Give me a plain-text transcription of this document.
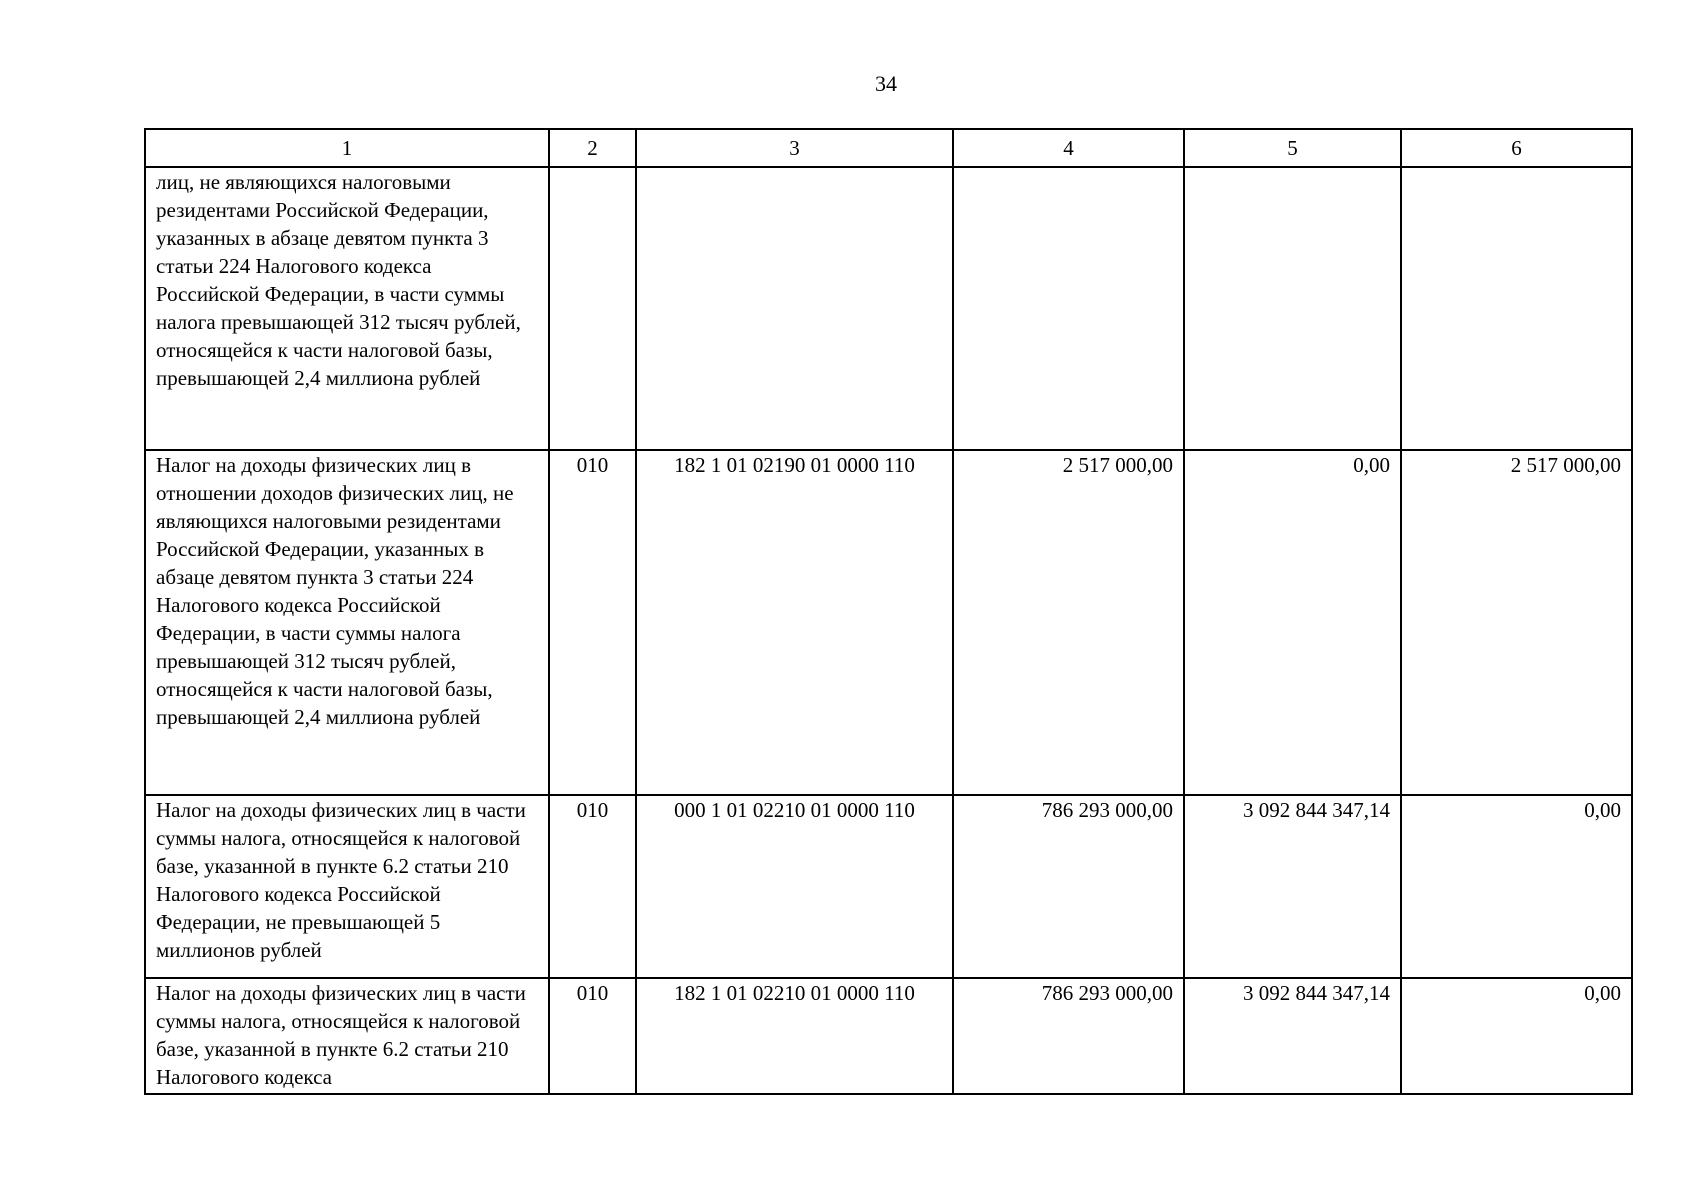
34
1	2	3	4	5	6
лиц, не являющихся налоговыми резидентами Российской Федерации, указанных в абзаце девятом пункта 3 статьи 224 Налогового кодекса Российской Федерации, в части суммы налога превышающей 312 тысяч рублей, относящейся к части налоговой базы, превышающей 2,4 миллиона рублей					
Налог на доходы физических лиц в отношении доходов физических лиц, не являющихся налоговыми резидентами Российской Федерации, указанных в абзаце девятом пункта 3 статьи 224 Налогового кодекса Российской Федерации, в части суммы налога превышающей 312 тысяч рублей, относящейся к части налоговой базы, превышающей 2,4 миллиона рублей	010	182 1 01 02190 01 0000 110	2 517 000,00	0,00	2 517 000,00
Налог на доходы физических лиц в части суммы налога, относящейся к налоговой базе, указанной в пункте 6.2 статьи 210 Налогового кодекса Российской Федерации, не превышающей 5 миллионов рублей	010	000 1 01 02210 01 0000 110	786 293 000,00	3 092 844 347,14	0,00
Налог на доходы физических лиц в части суммы налога, относящейся к налоговой базе, указанной в пункте 6.2 статьи 210 Налогового кодекса	010	182 1 01 02210 01 0000 110	786 293 000,00	3 092 844 347,14	0,00
